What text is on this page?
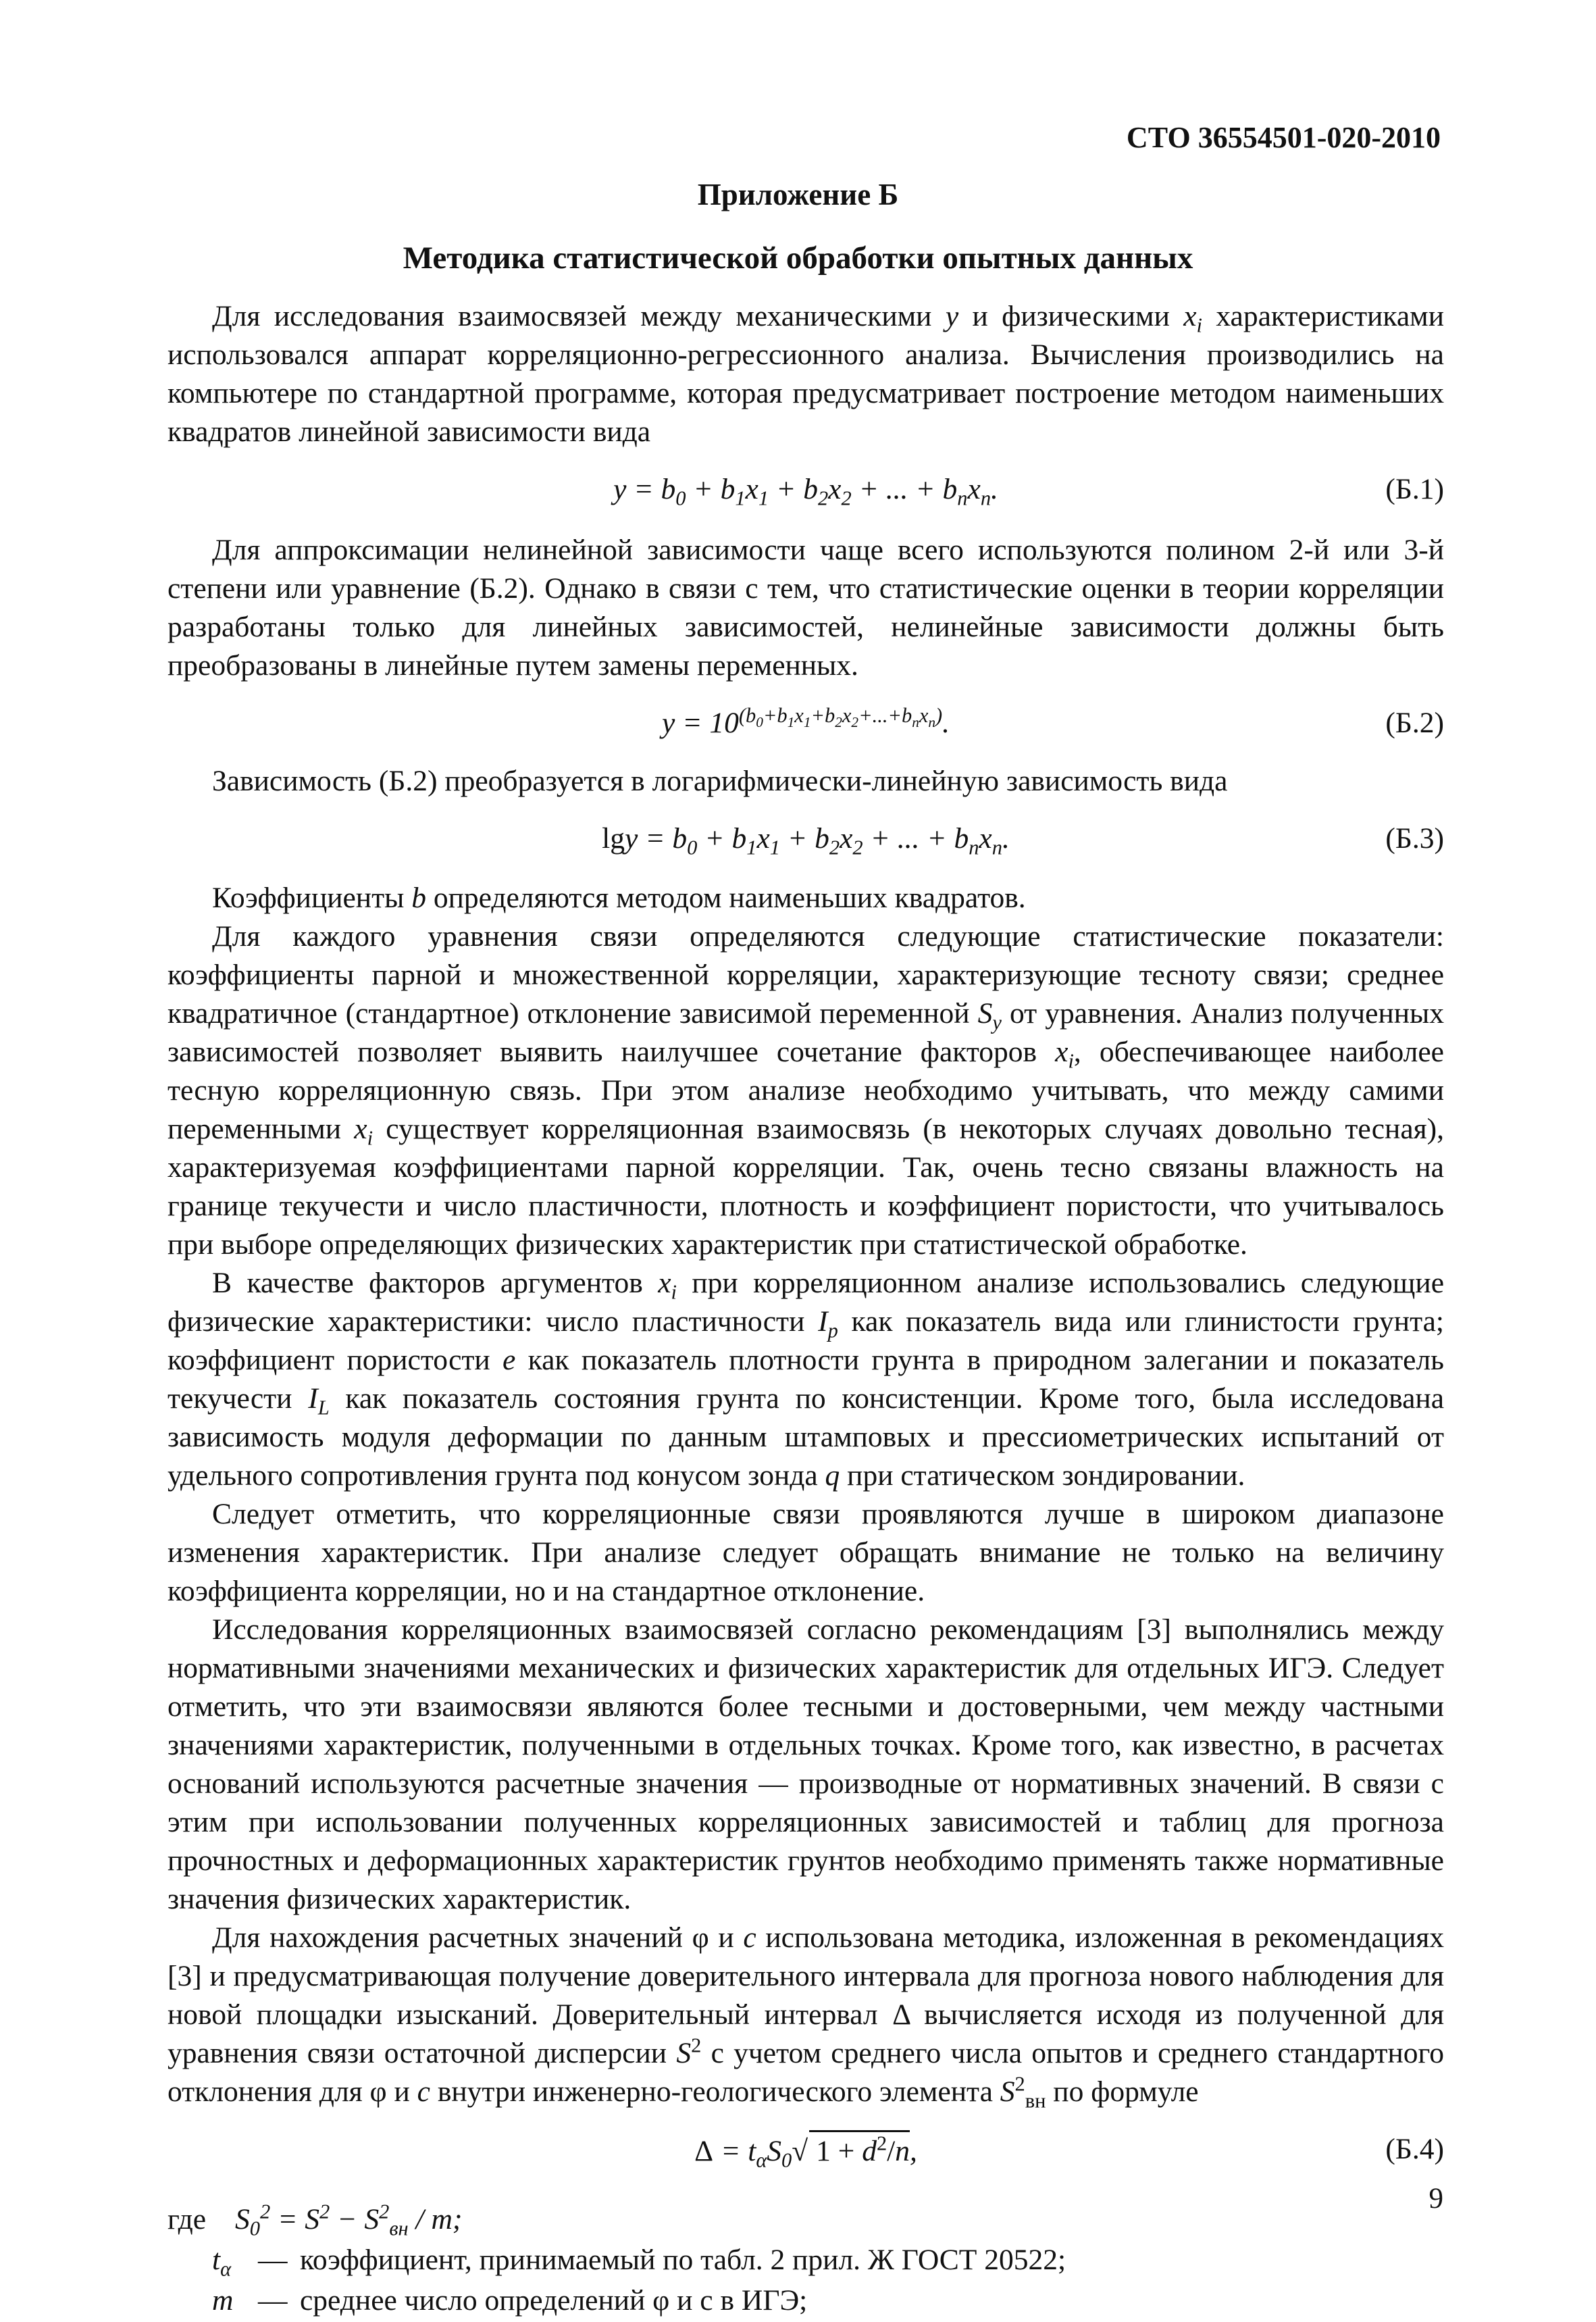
СТО 36554501-020-2010
Приложение Б
Методика статистической обработки опытных данных

Для исследования взаимосвязей между механическими y и физическими $x_i$ характеристиками использовался аппарат корреляционно-регрессионного анализа. Вычисления производились на компьютере по стандартной программе, которая предусматривает построение методом наименьших квадратов линейной зависимости вида

$y = b_0 + b_1x_1 + b_2x_2$ + ... + $b_nx_n$.	(Б.1)

Для аппроксимации нелинейной зависимости чаще всего используются полином 2-й или 3-й степени или уравнение (Б.2). Однако в связи с тем, что статистические оценки в теории корреляции разработаны только для линейных зависимостей, нелинейные зависимости должны быть преобразованы в линейные путем замены переменных.

$y = 10^{(b_0+b_1x_1+b_2x_2+...+b_nx_n)}$.	(Б.2)

Зависимость (Б.2) преобразуется в логарифмически-линейную зависимость вида

$\lg y = b_0 + b_1x_1 + b_2x_2$ + ... + $b_nx_n$.	(Б.3)

Коэффициенты b определяются методом наименьших квадратов.

Для каждого уравнения связи определяются следующие статистические показатели: коэффициенты парной и множественной корреляции, характеризующие тесноту связи; среднее квадратичное (стандартное) отклонение зависимой переменной $S_y$ от уравнения. Анализ полученных зависимостей позволяет выявить наилучшее сочетание факторов $x_i$, обеспечивающее наиболее тесную корреляционную связь. При этом анализе необходимо учитывать, что между самими переменными $x_i$ существует корреляционная взаимосвязь (в некоторых случаях довольно тесная), характеризуемая коэффициентами парной корреляции. Так, очень тесно связаны влажность на границе текучести и число пластичности, плотность и коэффициент пористости, что учитывалось при выборе определяющих физических характеристик при статистической обработке.

В качестве факторов аргументов $x_i$ при корреляционном анализе использовались следующие физические характеристики: число пластичности $I_p$ как показатель вида или глинистости грунта; коэффициент пористости e как показатель плотности грунта в природном залегании и показатель текучести $I_L$ как показатель состояния грунта по консистенции. Кроме того, была исследована зависимость модуля деформации по данным штамповых и прессиометрических испытаний от удельного сопротивления грунта под конусом зонда q при статическом зондировании.

Следует отметить, что корреляционные связи проявляются лучше в широком диапазоне изменения характеристик. При анализе следует обращать внимание не только на величину коэффициента корреляции, но и на стандартное отклонение.

Исследования корреляционных взаимосвязей согласно рекомендациям [3] выполнялись между нормативными значениями механических и физических характеристик для отдельных ИГЭ. Следует отметить, что эти взаимосвязи являются более тесными и достоверными, чем между частными значениями характеристик, полученными в отдельных точках. Кроме того, как известно, в расчетах оснований используются расчетные значения — производные от нормативных значений. В связи с этим при использовании полученных корреляционных зависимостей и таблиц для прогноза прочностных и деформационных характеристик грунтов необходимо применять также нормативные значения физических характеристик.

Для нахождения расчетных значений φ и c использована методика, изложенная в рекомендациях [3] и предусматривающая получение доверительного интервала для прогноза нового наблюдения для новой площадки изысканий. Доверительный интервал Δ вычисляется исходя из полученной для уравнения связи остаточной дисперсии $S^2$ с учетом среднего числа опытов и среднего стандартного отклонения для φ и c внутри инженерно-геологического элемента $S^2_{вн}$ по формуле

$\Delta = t_\alpha S_0√$ $1 + d^2/n$,	(Б.4)
где $S_0^2 = S^2 - S^2_{вн} / m$;
$t_\alpha$ — коэффициент, принимаемый по табл. 2 прил. Ж ГОСТ 20522;
m — среднее число определений φ и c в ИГЭ;
9
